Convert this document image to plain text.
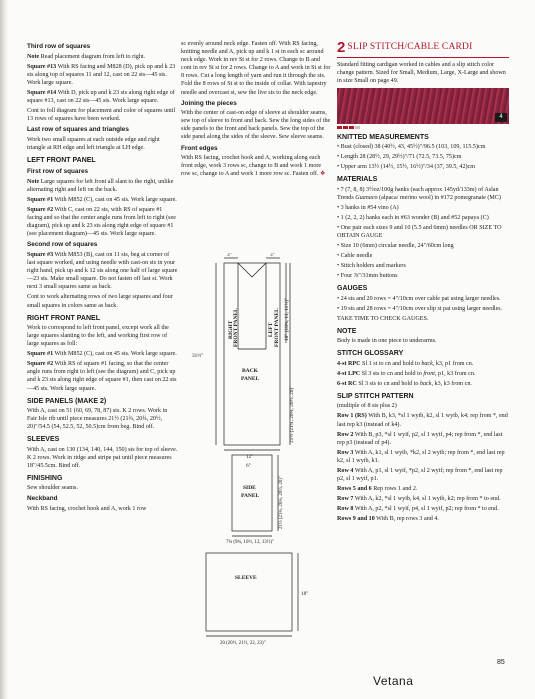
Third row of squares

Note Read placement diagram from left to right.

Square #13 With RS facing and M828 (D), pick up and k 23 sts along top of squares 11 and 12, cast on 22 sts—45 sts. Work large square.

Square #14 With D, pick up and k 23 sts along right edge of square #13, cast on 22 sts—45 sts. Work large square.

Cont to foll diagram for placement and color of squares until 13 rows of squares have been worked.

Last row of squares and triangles

Work two small squares at each outside edge and right triangle at RH edge and left triangle at LH edge.

LEFT FRONT PANEL
First row of squares

Note Large squares for left front all slant to the right, unlike alternating right and left on the back.

Square #1 With M852 (C), cast on 45 sts. Work large square.

Square #2 With C, cast on 22 sts, with RS of square #1 facing and so that the center angle runs from left to right (see diagram), pick up and k 23 sts along right edge of square #1 (see placement diagram)—45 sts. Work large square.

Second row of squares

Square #3 With M853 (B), cast on 11 sts, beg at corner of last square worked, and using needle with cast-on sts in your right hand, pick up and k 12 sts along one half of large square—23 sts. Make small square. Do not fasten off last st. Work next 3 small squares same as back.

Cont to work alternating rows of two large squares and four small squares in colors same as back.

RIGHT FRONT PANEL

Work to correspond to left front panel, except work all the large squares slanting to the left, and working first row of large squares as foll:

Square #1 With M852 (C), cast on 45 sts. Work large square.

Square #2 With RS of square #1 facing, so that the center angle runs from right to left (see the diagram) and C, pick up and k 23 sts along right edge of square #1, then cast on 22 sts—45 sts. Work large square.

SIDE PANELS (MAKE 2)

With A, cast on 51 (60, 69, 78, 87) sts. K 2 rows. Work in Fair Isle rib until piece measures 21½ (21¾, 20¾, 20½, 20)"/54.5 (54, 52.5, 52, 50.5)cm from beg. Bind off.

SLEEVES

With A, cast on 130 (134, 140, 144, 150) sts for top of sleeve. K 2 rows. Work in ridge and stripe pat until piece measures 18"/45.5cm. Bind off.

FINISHING

Sew shoulder seams.

Neckband

With RS facing, crochet hook and A, work 1 row

sc evenly around neck edge. Fasten off. With RS facing, knitting needle and A, pick up and k 1 st in each sc around neck edge. Work in rev St st for 2 rows. Change to B and cont in rev St st for 2 rows. Change to A and work in St st for 8 rows. Cut a long length of yarn and run it through the sts. Fold the 8 rows of St st to the inside of collar. With tapestry needle and overcast st, sew the live sts to the neck edge.

Joining the pieces

With the center of cast-on edge of sleeve at shoulder seams, sew top of sleeve to front and back. Sew the long sides of the side panels to the front and back panels. Sew the top of the side panel along the sides of the sleeve. Sew sleeve seams.

Front edges

With RS facing, crochet hook and A, working along each front edge, work 3 rows sc, change to B and work 1 more row sc, change to A and work 1 more row sc. Fasten off. ❖

3"	3"
6"
12"
31½"
10" (10¾, 11, 11½)"
21½ (21¾, 20¾, 20½, 20)"
RIGHT FRONT PANEL	LEFT FRONT PANEL
BACK
PANEL
SIDE
PANEL
SLEEVE
21½ (21¾, 20¾, 20½, 20)"
7¾ (9¾, 10½, 12, 13½)"
18"
20 (20½, 21½, 22, 23)"
2 SLIP STITCH/CABLE CARDI

Standard fitting cardigan worked in cables and a slip stitch color change pattern. Sized for Small, Medium, Large, X-Large and shown in size Small on page 49.

4
KNITTED MEASUREMENTS

• Bust (closed) 38 (40½, 43, 45½)"/96.5 (103, 109, 115.5)cm

• Length 28 (28½, 29, 29½)"/71 (72.5, 73.5, 75)cm

• Upper arm 13½ (14½, 15½, 16½)"/34 (37, 39.5, 42)cm

MATERIALS

• 7 (7, 8, 8) 3½oz/100g hanks (each approx 145yd/133m) of Aslan Trends Guanaco (alpaca/ merino wool) in #172 pomegranate (MC)

• 3 hanks in #54 vino (A)

• 1 (2, 2, 2) hanks each in #63 wonder (B) and #52 papaya (C)

• One pair each sizes 9 and 10 (5.5 and 6mm) needles OR SIZE TO OBTAIN GAUGE

• Size 10 (6mm) circular needle, 24"/60cm long

• Cable needle

• Stitch holders and markers

• Four ⅞"/31mm buttons

GAUGES

• 24 sts and 20 rows = 4"/10cm over cable pat using larger needles.

• 19 sts and 28 rows = 4"/10cm over slip st pat using larger needles.

TAKE TIME TO CHECK GAUGES.

NOTE

Body is made in one piece to underarms.

STITCH GLOSSARY

4-st RPC Sl 1 st to cn and hold to back, k3, p1 from cn.

4-st LPC Sl 3 sts to cn and hold to front, p1, k3 from cn.

6-st RC Sl 3 sts to cn and hold to back, k3, k3 from cn.

SLIP STITCH PATTERN

(multiple of 8 sts plus 2)

Row 1 (RS) With B, k3, *sl 1 wyib, k2, sl 1 wyib, k4; rep from *, end last rep k3 (instead of k4).

Row 2 With B, p3, *sl 1 wyif, p2, sl 1 wyif, p4; rep from *, end last rep p3 (instead of p4).

Row 3 With A, k1, sl 1 wyib, *k2, sl 2 wyib; rep from *, end last rep k2, sl 1 wyib, k1.

Row 4 With A, p1, sl 1 wyif, *p2, sl 2 wyif; rep from *, end last rep p2, sl 1 wyif, p1.

Rows 5 and 6 Rep rows 1 and 2.

Row 7 With A, k2, *sl 1 wyib, k4, sl 1 wyib, k2; rep from * to end.

Row 8 With A, p2, *sl 1 wyif, p4, sl 1 wyif, p2; rep from * to end.

Rows 9 and 10 With B, rep rows 3 and 4.

85
Vetana
